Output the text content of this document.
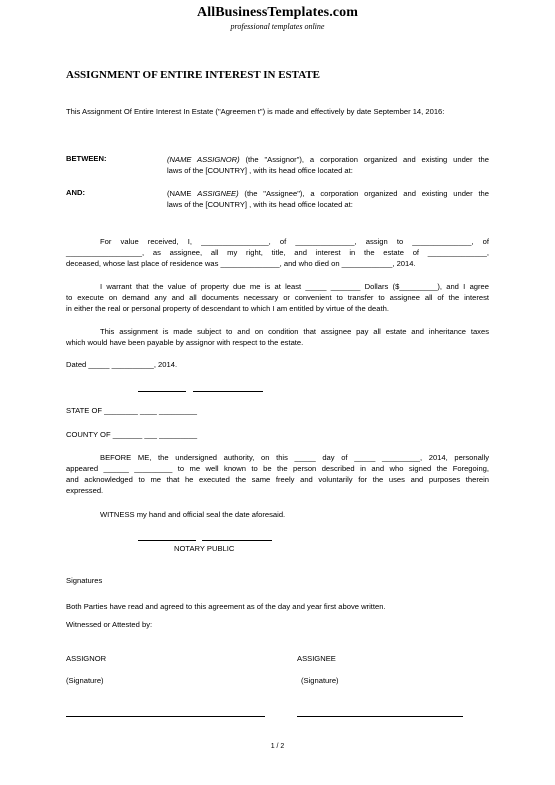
AllBusinessTemplates.com
professional templates online
ASSIGNMENT OF ENTIRE INTEREST IN ESTATE
This Assignment Of Entire Interest In Estate ("Agreemen t") is made and effectively by date September 14, 2016:
BETWEEN:	(NAME ASSIGNOR) (the "Assignor"), a corporation organized and existing under the
laws of the [COUNTRY] , with its head office located at:
AND:	(NAME ASSIGNEE) (the "Assignee"), a corporation organized and existing under the
laws of the [COUNTRY] , with its head office located at:
For value received, I, ________________, of ______________, assign to ______________, of
__________________, as assignee, all my right, title, and interest in the estate of ______________,
deceased, whose last place of residence was ______________, and who died on ____________, 2014.
I warrant that the value of property due me is at least _____ _______ Dollars ($_________), and I agree
to execute on demand any and all documents necessary or convenient to transfer to assignee all of the interest
in either the real or personal property of descendant to which I am entitled by virtue of the death.
This assignment is made subject to and on condition that assignee pay all estate and inheritance taxes
which would have been payable by assignor with respect to the estate.
Dated _____ __________, 2014.
STATE OF ________ ____ _________
COUNTY OF _______ ___ _________
BEFORE ME, the undersigned authority, on this _____ day of _____ _________, 2014, personally
appeared ______ _________ to me well known to be the person described in and who signed the Foregoing,
and acknowledged to me that he executed the same freely and voluntarily for the uses and purposes therein
expressed.
WITNESS my hand and official seal the date aforesaid.
NOTARY PUBLIC
Signatures
Both Parties have read and agreed to this agreement as of the day and year first above written.
Witnessed or Attested by:
ASSIGNOR	ASSIGNEE
(Signature)	(Signature)
1 / 2
